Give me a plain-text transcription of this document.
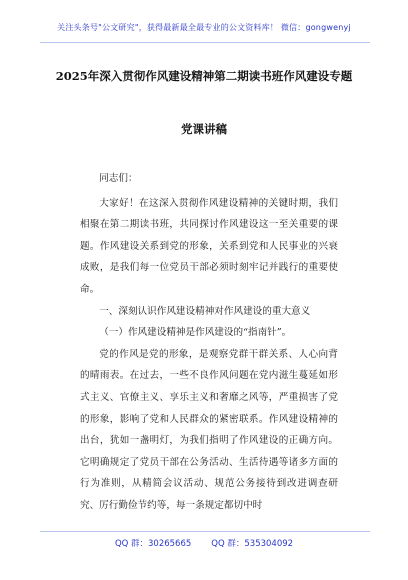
关注头条号"公文研究"，获得最新最全最专业的公文资料库！ 微信：gongwenyj
2025年深入贯彻作风建设精神第二期读书班作风建设专题
党课讲稿

同志们：

大家好！在这深入贯彻作风建设精神的关键时期，我们相聚在第二期读书班，共同探讨作风建设这一至关重要的课题。作风建设关系到党的形象，关系到党和人民事业的兴衰成败，是我们每一位党员干部必须时刻牢记并践行的重要使命。

一、深刻认识作风建设精神对作风建设的重大意义

（一）作风建设精神是作风建设的“指南针”。

党的作风是党的形象，是观察党群干群关系、人心向背的晴雨表。在过去，一些不良作风问题在党内滋生蔓延如形式主义、官僚主义、享乐主义和奢靡之风等，严重损害了党的形象，影响了党和人民群众的紧密联系。作风建设精神的出台，犹如一盏明灯，为我们指明了作风建设的正确方向。它明确规定了党员干部在公务活动、生活待遇等诸多方面的行为准则，从精简会议活动、规范公务接待到改进调查研究、厉行勤俭节约等，每一条规定都切中时

QQ 群：30265665 QQ 群：535304092
